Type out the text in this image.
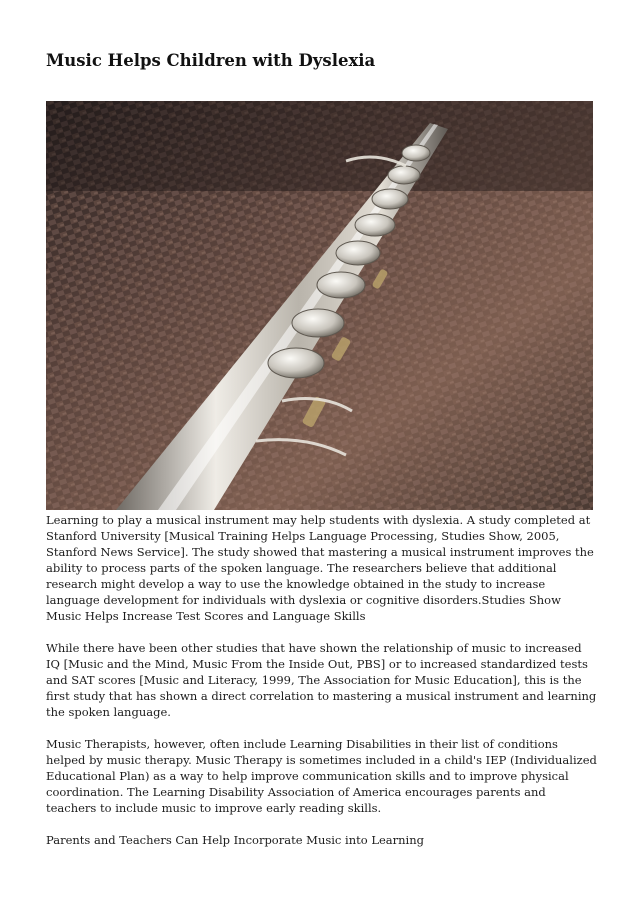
Music Helps Children with Dyslexia

Learning to play a musical instrument may help students with dyslexia. A study completed at Stanford University [Musical Training Helps Language Processing, Studies Show, 2005, Stanford News Service]. The study showed that mastering a musical instrument improves the ability to process parts of the spoken language. The researchers believe that additional research might develop a way to use the knowledge obtained in the study to increase language development for individuals with dyslexia or cognitive disorders.Studies Show Music Helps Increase Test Scores and Language Skills

While there have been other studies that have shown the relationship of music to increased IQ [Music and the Mind, Music From the Inside Out, PBS] or to increased standardized tests and SAT scores [Music and Literacy, 1999, The Association for Music Education], this is the first study that has shown a direct correlation to mastering a musical instrument and learning the spoken language.

Music Therapists, however, often include Learning Disabilities in their list of conditions helped by music therapy. Music Therapy is sometimes included in a child's IEP (Individualized Educational Plan) as a way to help improve communication skills and to improve physical coordination. The Learning Disability Association of America encourages parents and teachers to include music to improve early reading skills.

Parents and Teachers Can Help Incorporate Music into Learning
